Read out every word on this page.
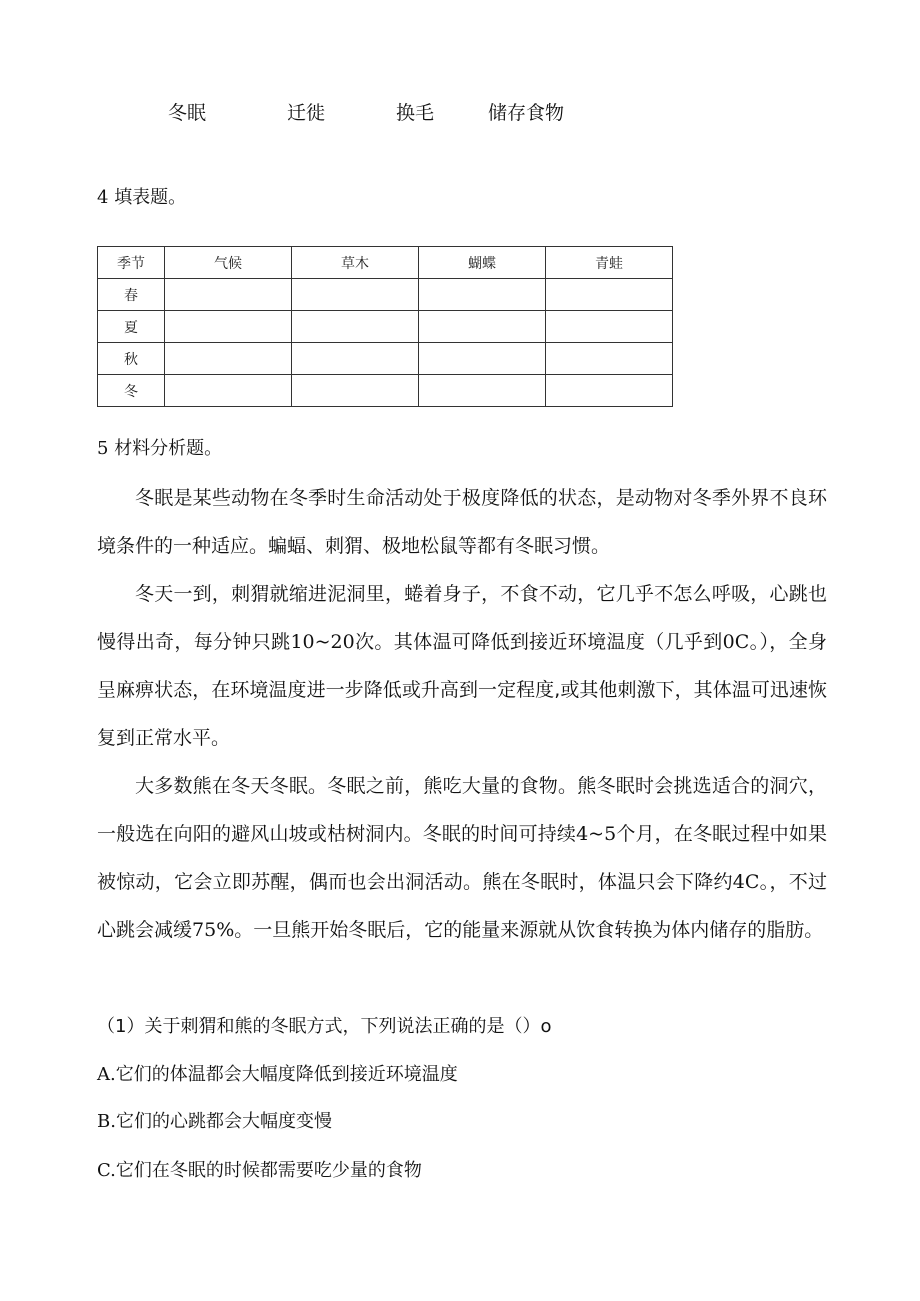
冬眠	迁徙	换毛	储存食物
4 填表题。
季节	气候	草木	蝴蝶	青蛙
春				
夏				
秋				
冬				
5 材料分析题。

冬眠是某些动物在冬季时生命活动处于极度降低的状态，是动物对冬季外界不良环境条件的一种适应。蝙蝠、刺猬、极地松鼠等都有冬眠习惯。

冬天一到，刺猬就缩进泥洞里，蜷着身子，不食不动，它几乎不怎么呼吸，心跳也慢得出奇，每分钟只跳10~20次。其体温可降低到接近环境温度（几乎到0C。），全身呈麻痹状态，在环境温度进一步降低或升高到一定程度,或其他刺激下，其体温可迅速恢复到正常水平。

大多数熊在冬天冬眠。冬眠之前，熊吃大量的食物。熊冬眠时会挑选适合的洞穴，一般选在向阳的避风山坡或枯树洞内。冬眠的时间可持续4~5个月，在冬眠过程中如果被惊动，它会立即苏醒，偶而也会出洞活动。熊在冬眠时，体温只会下降约4C。，不过心跳会减缓75%。一旦熊开始冬眠后，它的能量来源就从饮食转换为体内储存的脂肪。

（1）关于刺猬和熊的冬眠方式，下列说法正确的是（）o
A.它们的体温都会大幅度降低到接近环境温度
B.它们的心跳都会大幅度变慢
C.它们在冬眠的时候都需要吃少量的食物
